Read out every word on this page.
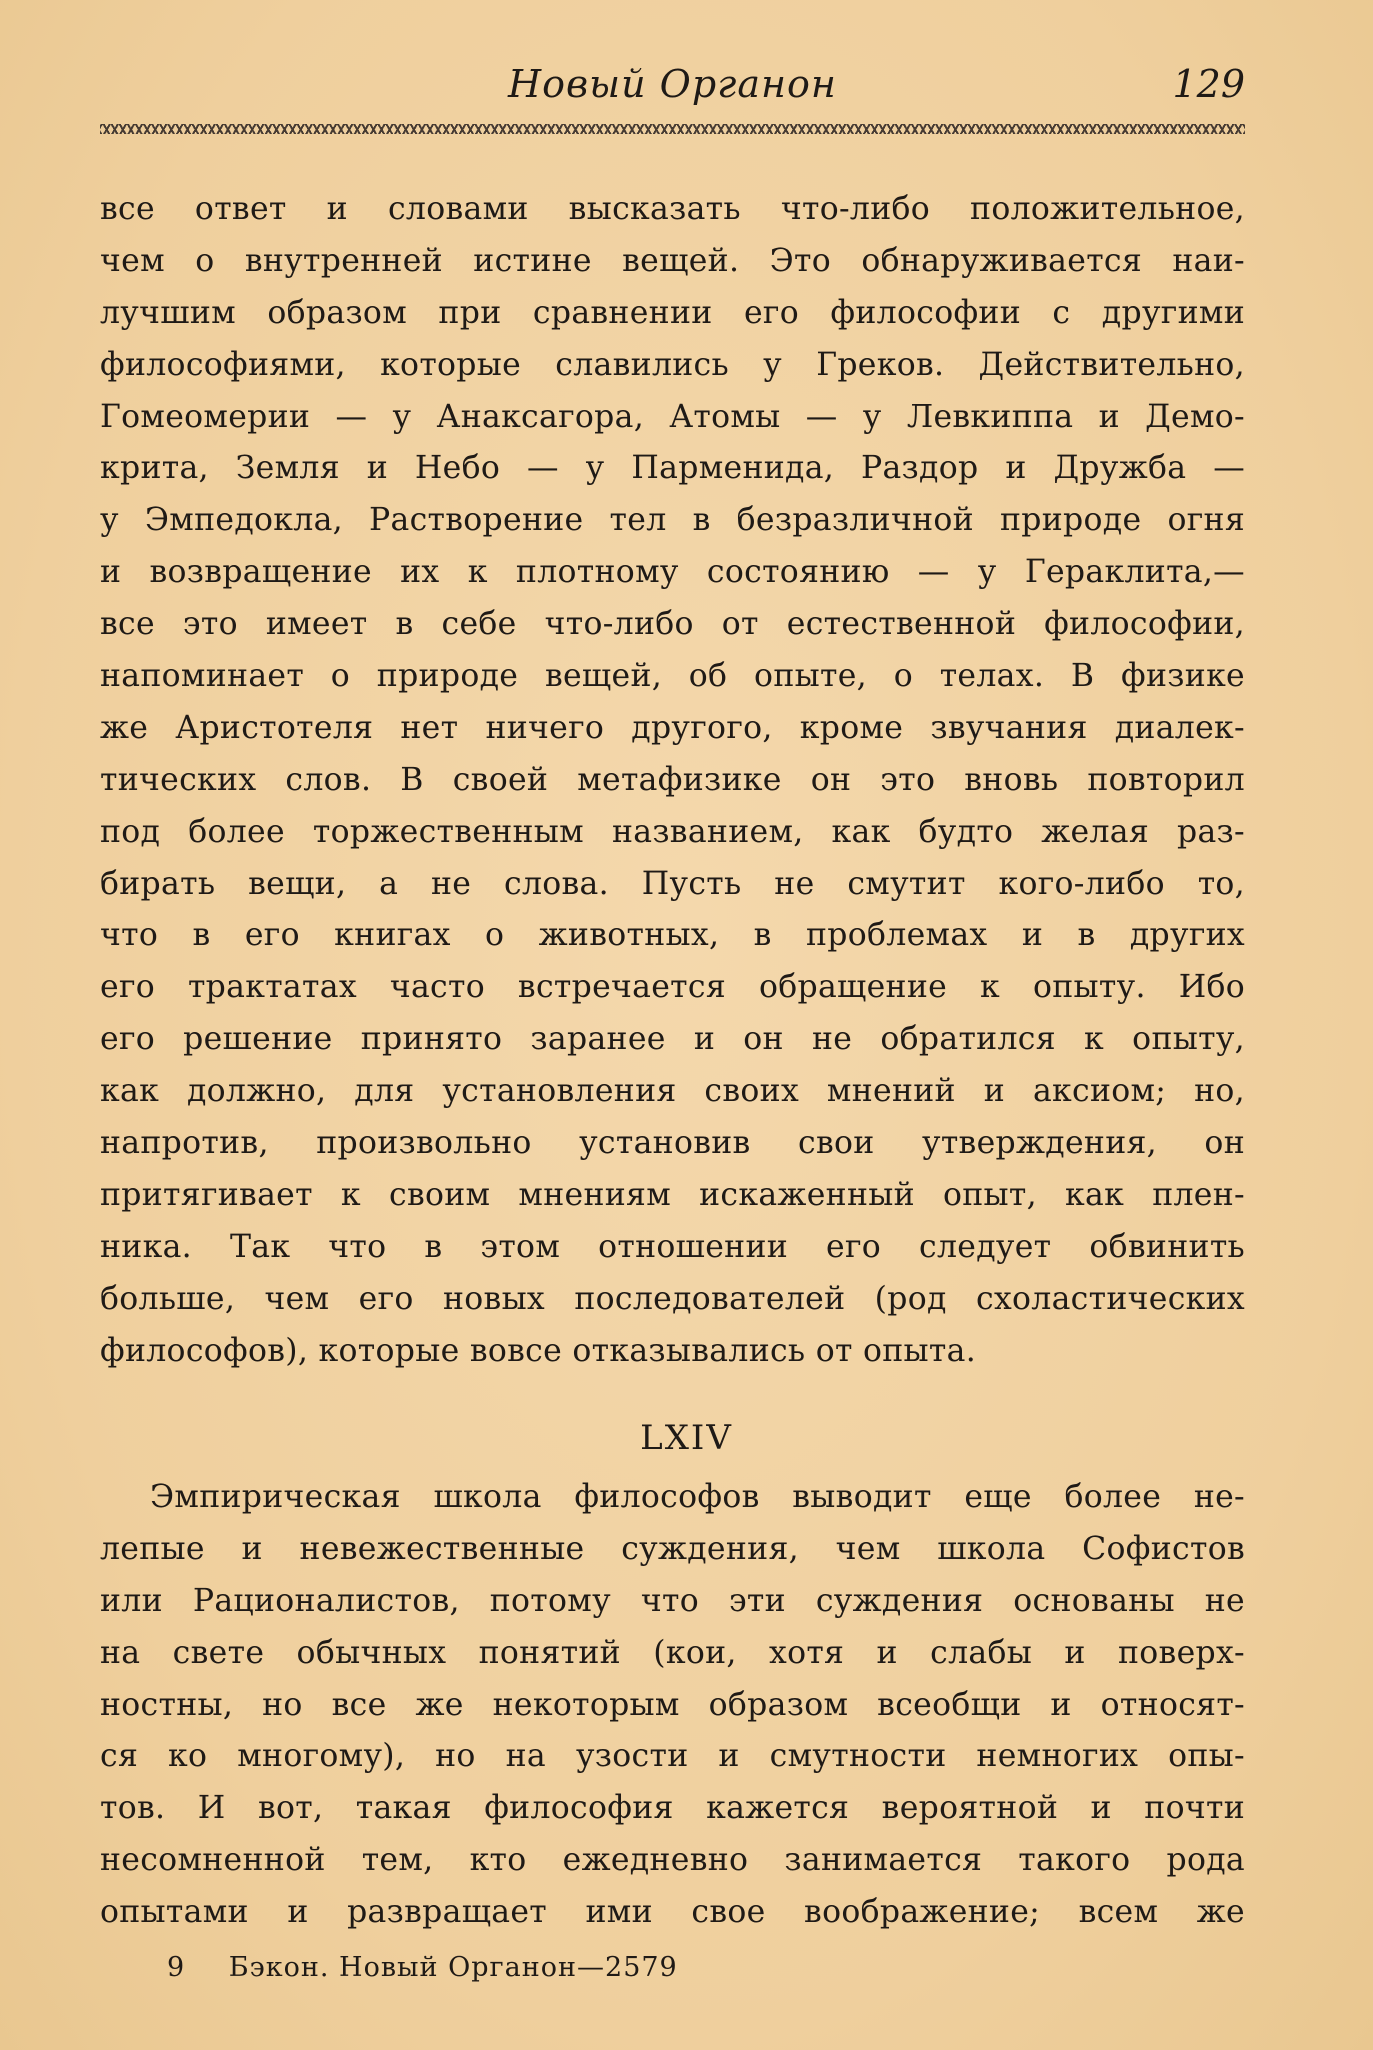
Новый Органон	129
все ответ и словами высказать что-либо положительное,
чем о внутренней истине вещей. Это обнаруживается наи-
лучшим образом при сравнении его философии с другими
философиями, которые славились у Греков. Действительно,
Гомеомерии — у Анаксагора, Атомы — у Левкиппа и Демо-
крита, Земля и Небо — у Парменида, Раздор и Дружба —
у Эмпедокла, Растворение тел в безразличной природе огня
и возвращение их к плотному состоянию — у Гераклита,—
все это имеет в себе что-либо от естественной философии,
напоминает о природе вещей, об опыте, о телах. В физике
же Аристотеля нет ничего другого, кроме звучания диалек-
тических слов. В своей метафизике он это вновь повторил
под более торжественным названием, как будто желая раз-
бирать вещи, а не слова. Пусть не смутит кого-либо то,
что в его книгах о животных, в проблемах и в других
его трактатах часто встречается обращение к опыту. Ибо
его решение принято заранее и он не обратился к опыту,
как должно, для установления своих мнений и аксиом; но,
напротив, произвольно установив свои утверждения, он
притягивает к своим мнениям искаженный опыт, как плен-
ника. Так что в этом отношении его следует обвинить
больше, чем его новых последователей (род схоластических
философов), которые вовсе отказывались от опыта.
LXIV
Эмпирическая школа философов выводит еще более не-
лепые и невежественные суждения, чем школа Софистов
или Рационалистов, потому что эти суждения основаны не
на свете обычных понятий (кои, хотя и слабы и поверх-
ностны, но все же некоторым образом всеобщи и относят-
ся ко многому), но на узости и смутности немногих опы-
тов. И вот, такая философия кажется вероятной и почти
несомненной тем, кто ежедневно занимается такого рода
опытами и развращает ими свое воображение; всем же
9 Бэкон. Новый Органон—2579
